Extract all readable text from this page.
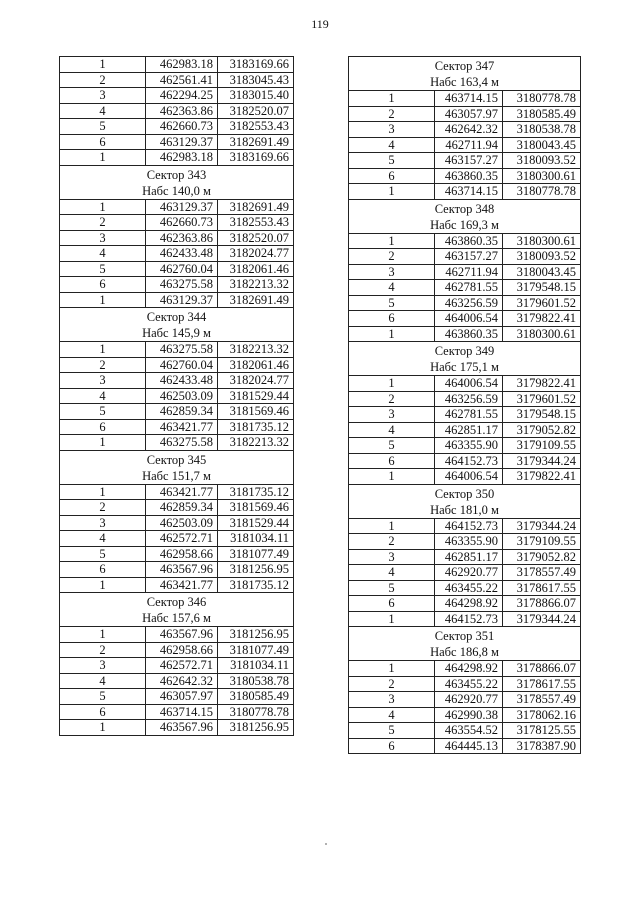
119
1	462983.18	3183169.66
2	462561.41	3183045.43
3	462294.25	3183015.40
4	462363.86	3182520.07
5	462660.73	3182553.43
6	463129.37	3182691.49
1	462983.18	3183169.66

Сектор 343
Набс 140,0 м		

1	463129.37	3182691.49
2	462660.73	3182553.43
3	462363.86	3182520.07
4	462433.48	3182024.77
5	462760.04	3182061.46
6	463275.58	3182213.32
1	463129.37	3182691.49

Сектор 344
Набс 145,9 м		

1	463275.58	3182213.32
2	462760.04	3182061.46
3	462433.48	3182024.77
4	462503.09	3181529.44
5	462859.34	3181569.46
6	463421.77	3181735.12
1	463275.58	3182213.32

Сектор 345
Набс 151,7 м		

1	463421.77	3181735.12
2	462859.34	3181569.46
3	462503.09	3181529.44
4	462572.71	3181034.11
5	462958.66	3181077.49
6	463567.96	3181256.95
1	463421.77	3181735.12

Сектор 346
Набс 157,6 м		

1	463567.96	3181256.95
2	462958.66	3181077.49
3	462572.71	3181034.11
4	462642.32	3180538.78
5	463057.97	3180585.49
6	463714.15	3180778.78
1	463567.96	3181256.95
Сектор 347
Набс 163,4 м		

1	463714.15	3180778.78
2	463057.97	3180585.49
3	462642.32	3180538.78
4	462711.94	3180043.45
5	463157.27	3180093.52
6	463860.35	3180300.61
1	463714.15	3180778.78

Сектор 348
Набс 169,3 м		

1	463860.35	3180300.61
2	463157.27	3180093.52
3	462711.94	3180043.45
4	462781.55	3179548.15
5	463256.59	3179601.52
6	464006.54	3179822.41
1	463860.35	3180300.61

Сектор 349
Набс 175,1 м		

1	464006.54	3179822.41
2	463256.59	3179601.52
3	462781.55	3179548.15
4	462851.17	3179052.82
5	463355.90	3179109.55
6	464152.73	3179344.24
1	464006.54	3179822.41

Сектор 350
Набс 181,0 м		

1	464152.73	3179344.24
2	463355.90	3179109.55
3	462851.17	3179052.82
4	462920.77	3178557.49
5	463455.22	3178617.55
6	464298.92	3178866.07
1	464152.73	3179344.24

Сектор 351
Набс 186,8 м		

1	464298.92	3178866.07
2	463455.22	3178617.55
3	462920.77	3178557.49
4	462990.38	3178062.16
5	463554.52	3178125.55
6	464445.13	3178387.90
